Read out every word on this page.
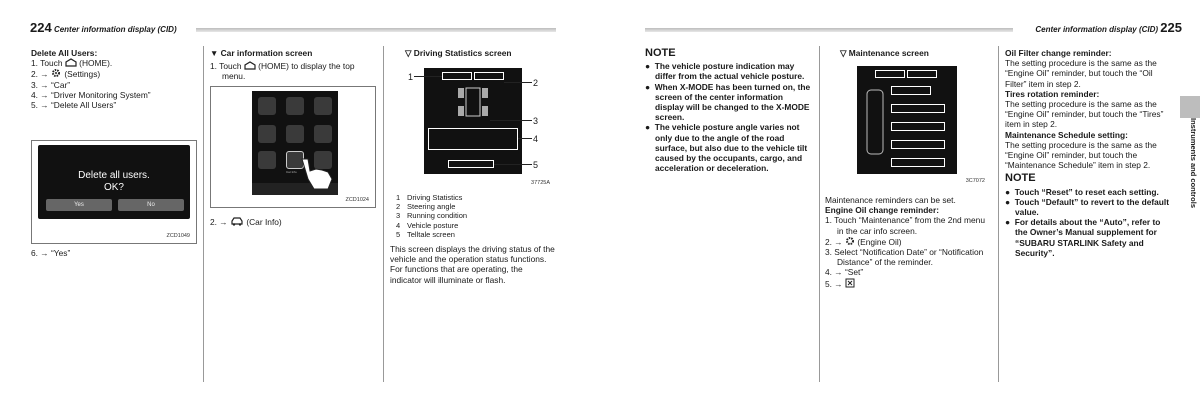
224 Center information display (CID)	Center information display (CID) 225
Delete All Users:
1. Touch (HOME).
2. → (Settings)
3. → “Car”
4. → “Driver Monitoring System”
5. → “Delete All Users”
Delete all users.
OK?
Yes	No
ZCD1049
6. → “Yes”
▼ Car information screen
1. Touch (HOME) to display the top menu.
Car Info
ZCD1024
2. → (Car Info)
▽ Driving Statistics screen
1
2
3
4
5
37725A
1 Driving Statistics
2 Steering angle
3 Running condition
4 Vehicle posture
5 Telltale screen
This screen displays the driving status of the vehicle and the operation status functions. For functions that are operating, the indicator will illuminate or flash.
NOTE
●  The vehicle posture indication may differ from the actual vehicle posture.
●  When X-MODE has been turned on, the screen of the center information display will be changed to the X-MODE screen.
●  The vehicle posture angle varies not only due to the angle of the road surface, but also due to the vehicle tilt caused by the occupants, cargo, and acceleration or deceleration.
▽ Maintenance screen
3C7072
Maintenance reminders can be set.
Engine Oil change reminder:
1. Touch “Maintenance” from the 2nd menu in the car info screen.
2. → (Engine Oil)
3. Select “Notification Date” or “Notification Distance” of the reminder.
4. → “Set”
5. →
Oil Filter change reminder:
The setting procedure is the same as the “Engine Oil” reminder, but touch the “Oil Filter” item in step 2.
Tires rotation reminder:
The setting procedure is the same as the “Engine Oil” reminder, but touch the “Tires” item in step 2.
Maintenance Schedule setting:
The setting procedure is the same as the “Engine Oil” reminder, but touch the “Maintenance Schedule” item in step 2.
NOTE
●  Touch “Reset” to reset each setting.
●  Touch “Default” to revert to the default value.
●  For details about the “Auto”, refer to the Owner’s Manual supplement for “SUBARU STARLINK Safety and Security”.
Instruments and controls
